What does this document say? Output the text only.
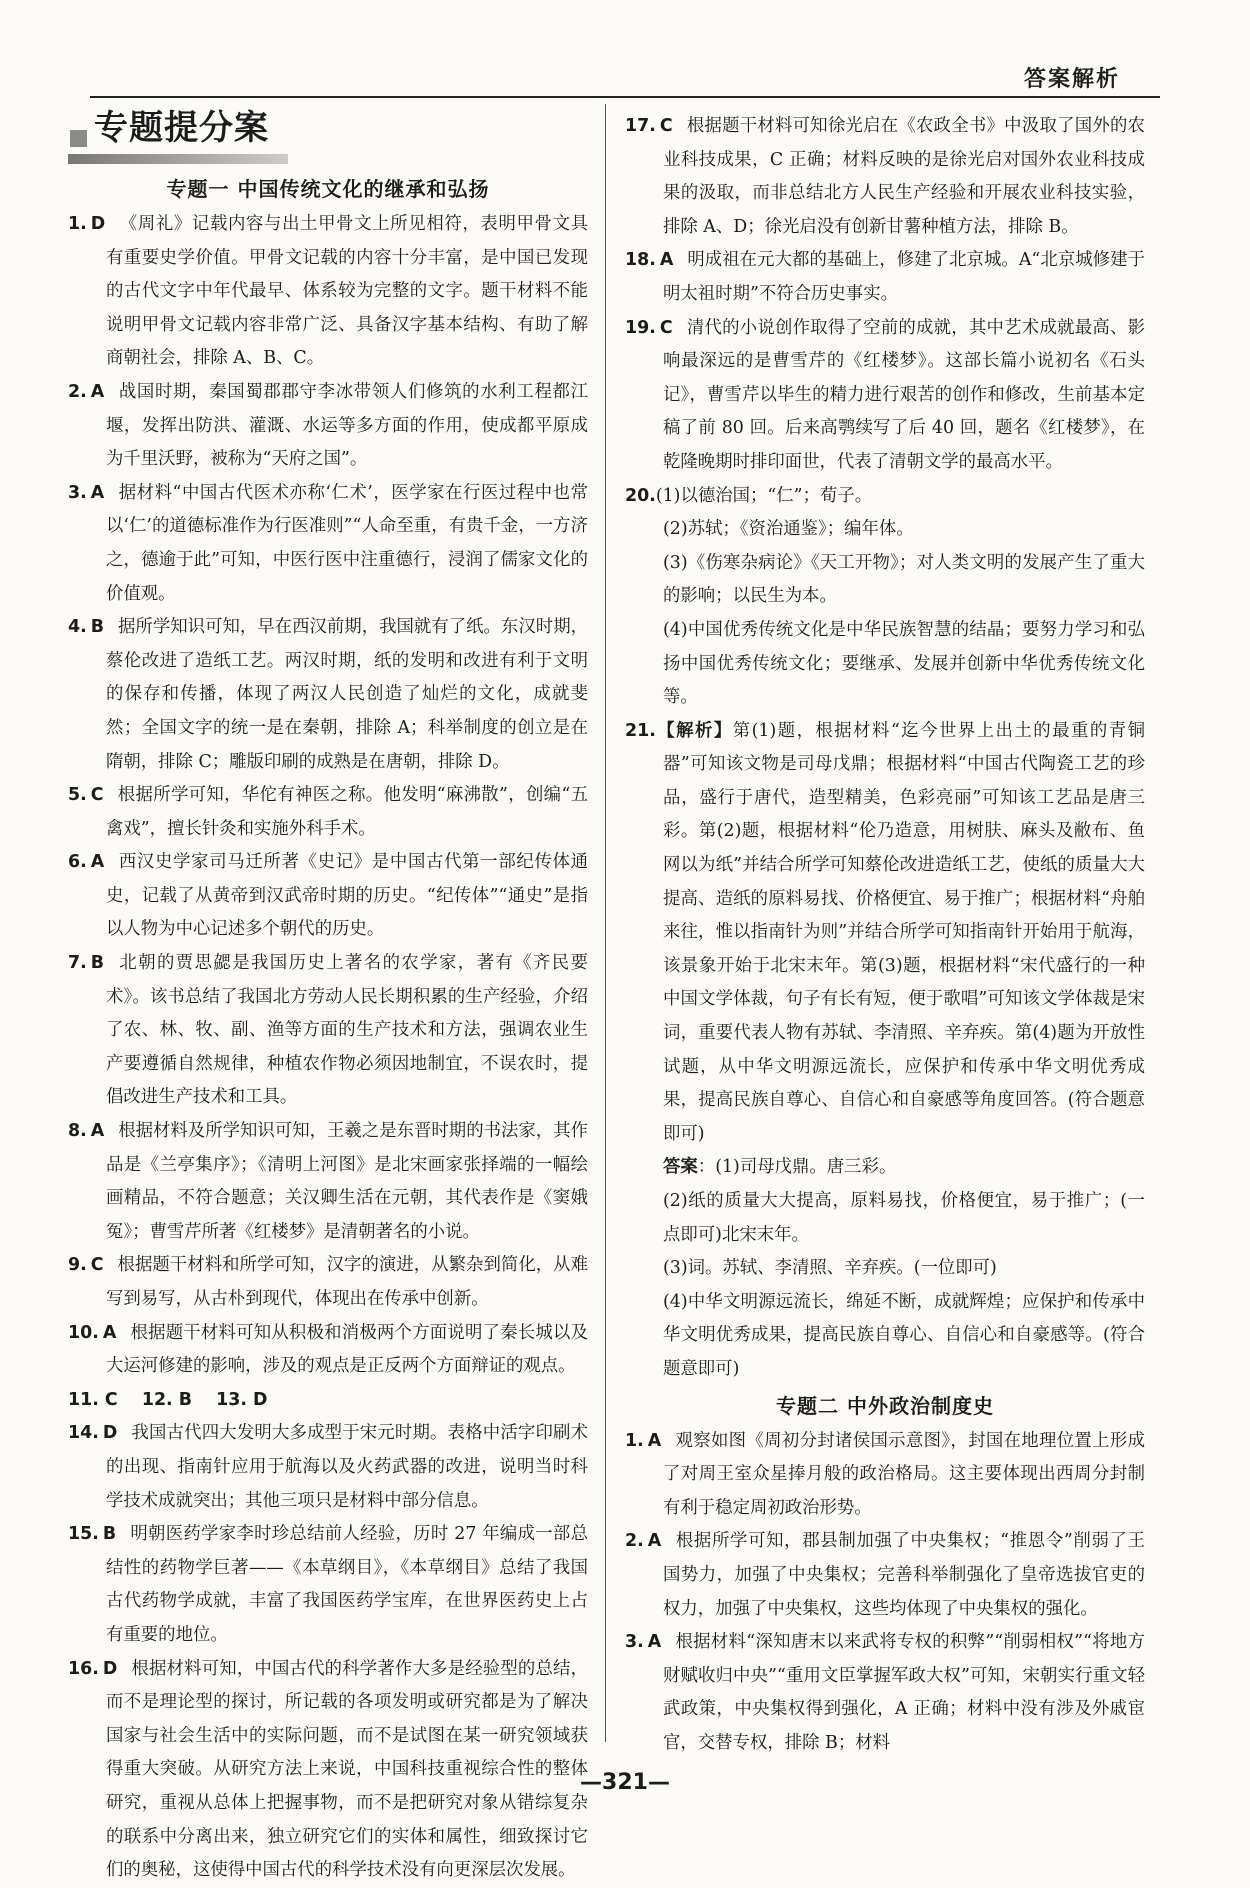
答案解析
专题提分案
专题一 中国传统文化的继承和弘扬

1. D 《周礼》记载内容与出土甲骨文上所见相符，表明甲骨文具有重要史学价值。甲骨文记载的内容十分丰富，是中国已发现的古代文字中年代最早、体系较为完整的文字。题干材料不能说明甲骨文记载内容非常广泛、具备汉字基本结构、有助了解商朝社会，排除 A、B、C。

2. A 战国时期，秦国蜀郡郡守李冰带领人们修筑的水利工程都江堰，发挥出防洪、灌溉、水运等多方面的作用，使成都平原成为千里沃野，被称为“天府之国”。

3. A 据材料“中国古代医术亦称‘仁术’，医学家在行医过程中也常以‘仁’的道德标准作为行医准则”“人命至重，有贵千金，一方济之，德逾于此”可知，中医行医中注重德行，浸润了儒家文化的价值观。

4. B 据所学知识可知，早在西汉前期，我国就有了纸。东汉时期，蔡伦改进了造纸工艺。两汉时期，纸的发明和改进有利于文明的保存和传播，体现了两汉人民创造了灿烂的文化，成就斐然；全国文字的统一是在秦朝，排除 A；科举制度的创立是在隋朝，排除 C；雕版印刷的成熟是在唐朝，排除 D。

5. C 根据所学可知，华佗有神医之称。他发明“麻沸散”，创编“五禽戏”，擅长针灸和实施外科手术。

6. A 西汉史学家司马迁所著《史记》是中国古代第一部纪传体通史，记载了从黄帝到汉武帝时期的历史。“纪传体”“通史”是指以人物为中心记述多个朝代的历史。

7. B 北朝的贾思勰是我国历史上著名的农学家，著有《齐民要术》。该书总结了我国北方劳动人民长期积累的生产经验，介绍了农、林、牧、副、渔等方面的生产技术和方法，强调农业生产要遵循自然规律，种植农作物必须因地制宜，不误农时，提倡改进生产技术和工具。

8. A 根据材料及所学知识可知，王羲之是东晋时期的书法家，其作品是《兰亭集序》；《清明上河图》是北宋画家张择端的一幅绘画精品，不符合题意；关汉卿生活在元朝，其代表作是《窦娥冤》；曹雪芹所著《红楼梦》是清朝著名的小说。

9. C 根据题干材料和所学可知，汉字的演进，从繁杂到简化，从难写到易写，从古朴到现代，体现出在传承中创新。

10. A 根据题干材料可知从积极和消极两个方面说明了秦长城以及大运河修建的影响，涉及的观点是正反两个方面辩证的观点。

11. C    12. B    13. D

14. D 我国古代四大发明大多成型于宋元时期。表格中活字印刷术的出现、指南针应用于航海以及火药武器的改进，说明当时科学技术成就突出；其他三项只是材料中部分信息。

15. B 明朝医药学家李时珍总结前人经验，历时 27 年编成一部总结性的药物学巨著——《本草纲目》，《本草纲目》总结了我国古代药物学成就，丰富了我国医药学宝库，在世界医药史上占有重要的地位。

16. D 根据材料可知，中国古代的科学著作大多是经验型的总结，而不是理论型的探讨，所记载的各项发明或研究都是为了解决国家与社会生活中的实际问题，而不是试图在某一研究领域获得重大突破。从研究方法上来说，中国科技重视综合性的整体研究，重视从总体上把握事物，而不是把研究对象从错综复杂的联系中分离出来，独立研究它们的实体和属性，细致探讨它们的奥秘，这使得中国古代的科学技术没有向更深层次发展。

17. C 根据题干材料可知徐光启在《农政全书》中汲取了国外的农业科技成果，C 正确；材料反映的是徐光启对国外农业科技成果的汲取，而非总结北方人民生产经验和开展农业科技实验，排除 A、D；徐光启没有创新甘薯种植方法，排除 B。

18. A 明成祖在元大都的基础上，修建了北京城。A“北京城修建于明太祖时期”不符合历史事实。

19. C 清代的小说创作取得了空前的成就，其中艺术成就最高、影响最深远的是曹雪芹的《红楼梦》。这部长篇小说初名《石头记》，曹雪芹以毕生的精力进行艰苦的创作和修改，生前基本定稿了前 80 回。后来高鹗续写了后 40 回，题名《红楼梦》，在乾隆晚期时排印面世，代表了清朝文学的最高水平。

20.(1)以德治国；“仁”；荀子。

(2)苏轼；《资治通鉴》；编年体。

(3)《伤寒杂病论》《天工开物》；对人类文明的发展产生了重大的影响；以民生为本。

(4)中国优秀传统文化是中华民族智慧的结晶；要努力学习和弘扬中国优秀传统文化；要继承、发展并创新中华优秀传统文化等。

21.【解析】第(1)题，根据材料“迄今世界上出土的最重的青铜器”可知该文物是司母戊鼎；根据材料“中国古代陶瓷工艺的珍品，盛行于唐代，造型精美，色彩亮丽”可知该工艺品是唐三彩。第(2)题，根据材料“伦乃造意，用树肤、麻头及敝布、鱼网以为纸”并结合所学可知蔡伦改进造纸工艺，使纸的质量大大提高、造纸的原料易找、价格便宜、易于推广；根据材料“舟舶来往，惟以指南针为则”并结合所学可知指南针开始用于航海，该景象开始于北宋末年。第(3)题，根据材料“宋代盛行的一种中国文学体裁，句子有长有短，便于歌唱”可知该文学体裁是宋词，重要代表人物有苏轼、李清照、辛弃疾。第(4)题为开放性试题，从中华文明源远流长，应保护和传承中华文明优秀成果，提高民族自尊心、自信心和自豪感等角度回答。(符合题意即可)

答案：(1)司母戊鼎。唐三彩。

(2)纸的质量大大提高，原料易找，价格便宜，易于推广；(一点即可)北宋末年。

(3)词。苏轼、李清照、辛弃疾。(一位即可)

(4)中华文明源远流长，绵延不断，成就辉煌；应保护和传承中华文明优秀成果，提高民族自尊心、自信心和自豪感等。(符合题意即可)

专题二 中外政治制度史

1. A 观察如图《周初分封诸侯国示意图》，封国在地理位置上形成了对周王室众星捧月般的政治格局。这主要体现出西周分封制有利于稳定周初政治形势。

2. A 根据所学可知，郡县制加强了中央集权；“推恩令”削弱了王国势力，加强了中央集权；完善科举制强化了皇帝选拔官吏的权力，加强了中央集权，这些均体现了中央集权的强化。

3. A 根据材料“深知唐末以来武将专权的积弊”“削弱相权”“将地方财赋收归中央”“重用文臣掌握军政大权”可知，宋朝实行重文轻武政策，中央集权得到强化，A 正确；材料中没有涉及外戚宦官，交替专权，排除 B；材料

—321—
